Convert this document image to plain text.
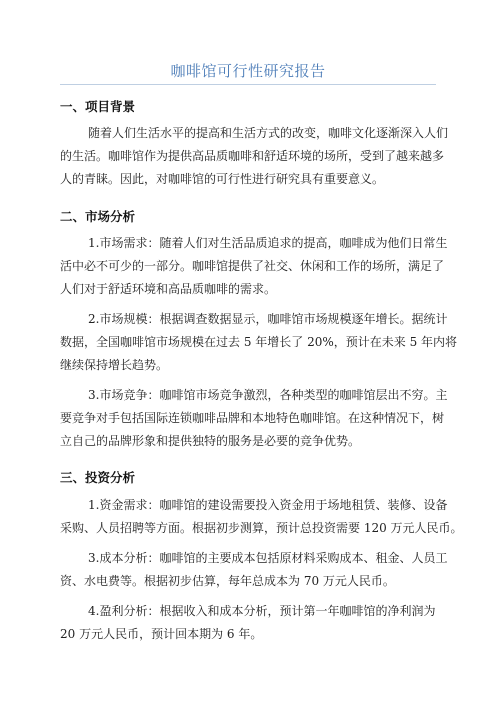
咖啡馆可行性研究报告
一、项目背景
随着人们生活水平的提高和生活方式的改变，咖啡文化逐渐深入人们
的生活。咖啡馆作为提供高品质咖啡和舒适环境的场所，受到了越来越多
人的青睐。因此，对咖啡馆的可行性进行研究具有重要意义。
二、市场分析
1.市场需求：随着人们对生活品质追求的提高，咖啡成为他们日常生
活中必不可少的一部分。咖啡馆提供了社交、休闲和工作的场所，满足了
人们对于舒适环境和高品质咖啡的需求。
2.市场规模：根据调查数据显示，咖啡馆市场规模逐年增长。据统计
数据，全国咖啡馆市场规模在过去 5 年增长了 20%，预计在未来 5 年内将
继续保持增长趋势。
3.市场竞争：咖啡馆市场竞争激烈，各种类型的咖啡馆层出不穷。主
要竞争对手包括国际连锁咖啡品牌和本地特色咖啡馆。在这种情况下，树
立自己的品牌形象和提供独特的服务是必要的竞争优势。
三、投资分析
1.资金需求：咖啡馆的建设需要投入资金用于场地租赁、装修、设备
采购、人员招聘等方面。根据初步测算，预计总投资需要 120 万元人民币。
3.成本分析：咖啡馆的主要成本包括原材料采购成本、租金、人员工
资、水电费等。根据初步估算，每年总成本为 70 万元人民币。
4.盈利分析：根据收入和成本分析，预计第一年咖啡馆的净利润为
20 万元人民币，预计回本期为 6 年。
